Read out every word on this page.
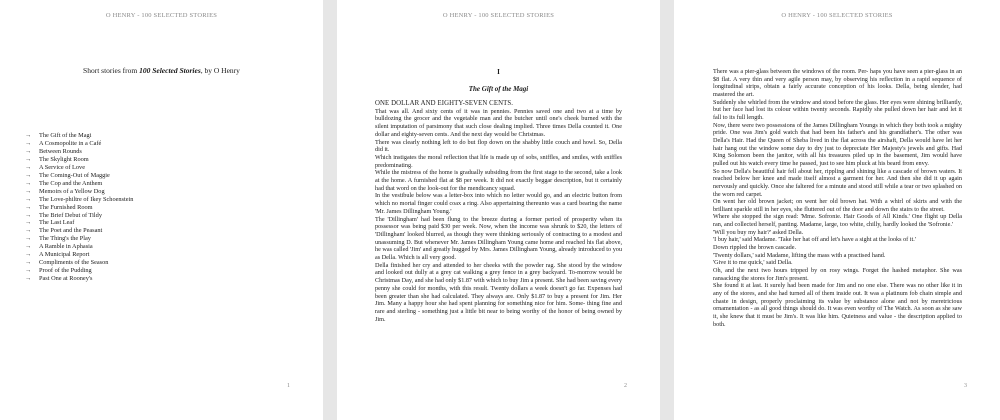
O HENRY - 100 SELECTED STORIES
Short stories from 100 Selected Stories, by O Henry
→ The Gift of the Magi
→ A Cosmopolite in a Café
→ Between Rounds
→ The Skylight Room
→ A Service of Love
→ The Coming-Out of Maggie
→ The Cop and the Anthem
→ Memoirs of a Yellow Dog
→ The Love-philtre of Ikey Schoenstein
→ The Furnished Room
→ The Brief Debut of Tildy
→ The Last Leaf
→ The Poet and the Peasant
→ The Thing's the Play
→ A Ramble in Aphasia
→ A Municipal Report
→ Compliments of the Season
→ Proof of the Pudding
→ Past One at Rooney's
1
O HENRY - 100 SELECTED STORIES
I
The Gift of the Magi

ONE DOLLAR AND EIGHTY-SEVEN CENTS.

That was all. And sixty cents of it was in pennies. Pennies saved one and two at a time by bulldozing the grocer and the vegetable man and the butcher until one's cheek burned with the silent imputation of parsimony that such close dealing implied. Three times Della counted it. One dollar and eighty-seven cents. And the next day would be Christmas.

There was clearly nothing left to do but flop down on the shabby little couch and howl. So, Della did it.

Which instigates the moral reflection that life is made up of sobs, sniffles, and smiles, with sniffles predominating.

While the mistress of the home is gradually subsiding from the first stage to the second, take a look at the home. A furnished flat at $8 per week. It did not exactly beggar description, but it certainly had that word on the look-out for the mendicancy squad.

In the vestibule below was a letter-box into which no letter would go, and an electric button from which no mortal finger could coax a ring. Also appertaining thereunto was a card bearing the name 'Mr. James Dillingham Young.'

The 'Dillingham' had been flung to the breeze during a former period of prosperity when its possessor was being paid $30 per week. Now, when the income was shrunk to $20, the letters of 'Dillingham' looked blurred, as though they were thinking seriously of contracting to a modest and unassuming D. But whenever Mr. James Dillingham Young came home and reached his flat above, he was called 'Jim' and greatly hugged by Mrs. James Dillingham Young, already introduced to you as Della. Which is all very good.

Della finished her cry and attended to her cheeks with the powder rag. She stood by the window and looked out dully at a grey cat walking a grey fence in a grey backyard. To-morrow would be Christmas Day, and she had only $1.87 with which to buy Jim a present. She had been saving every penny she could for months, with this result. Twenty dollars a week doesn't go far. Expenses had been greater than she had calculated. They always are. Only $1.87 to buy a present for Jim. Her Jim. Many a happy hour she had spent planning for something nice for him. Some- thing fine and rare and sterling - something just a little bit near to being worthy of the honor of being owned by Jim.

2
O HENRY - 100 SELECTED STORIES

There was a pier-glass between the windows of the room. Per- haps you have seen a pier-glass in an $8 flat. A very thin and very agile person may, by observing his reflection in a rapid sequence of longitudinal strips, obtain a fairly accurate conception of his looks. Della, being slender, had mastered the art.

Suddenly she whirled from the window and stood before the glass. Her eyes were shining brilliantly, but her face had lost its colour within twenty seconds. Rapidly she pulled down her hair and let it fall to its full length.

Now, there were two possessions of the James Dillingham Youngs in which they both took a mighty pride. One was Jim's gold watch that had been his father's and his grandfather's. The other was Della's Hair. Had the Queen of Sheba lived in the flat across the airshaft, Della would have let her hair hang out the window some day to dry just to depreciate Her Majesty's jewels and gifts. Had King Solomon been the janitor, with all his treasures piled up in the basement, Jim would have pulled out his watch every time he passed, just to see him pluck at his beard from envy.

So now Della's beautiful hair fell about her, rippling and shining like a cascade of brown waters. It reached below her knee and made itself almost a garment for her. And then she did it up again nervously and quickly. Once she faltered for a minute and stood still while a tear or two splashed on the worn red carpet.

On went her old brown jacket; on went her old brown hat. With a whirl of skirts and with the brilliant sparkle still in her eyes, she fluttered out of the door and down the stairs to the street.

Where she stopped the sign read: 'Mme. Sofronie. Hair Goods of All Kinds.' One flight up Della ran, and collected herself, panting. Madame, large, too white, chilly, hardly looked the 'Sofronie.'

'Will you buy my hair?' asked Della.

'I buy hair,' said Madame. 'Take her hat off and let's have a sight at the looks of it.'

Down rippled the brown cascade.

'Twenty dollars,' said Madame, lifting the mass with a practised hand.

'Give it to me quick,' said Della.

Oh, and the next two hours tripped by on rosy wings. Forget the hashed metaphor. She was ransacking the stores for Jim's present.

She found it at last. It surely had been made for Jim and no one else. There was no other like it in any of the stores, and she had turned all of them inside out. It was a platinum fob chain simple and chaste in design, properly proclaiming its value by substance alone and not by meretricious ornamentation - as all good things should do. It was even worthy of The Watch. As soon as she saw it, she knew that it must be Jim's. It was like him. Quietness and value - the description applied to both.

3
